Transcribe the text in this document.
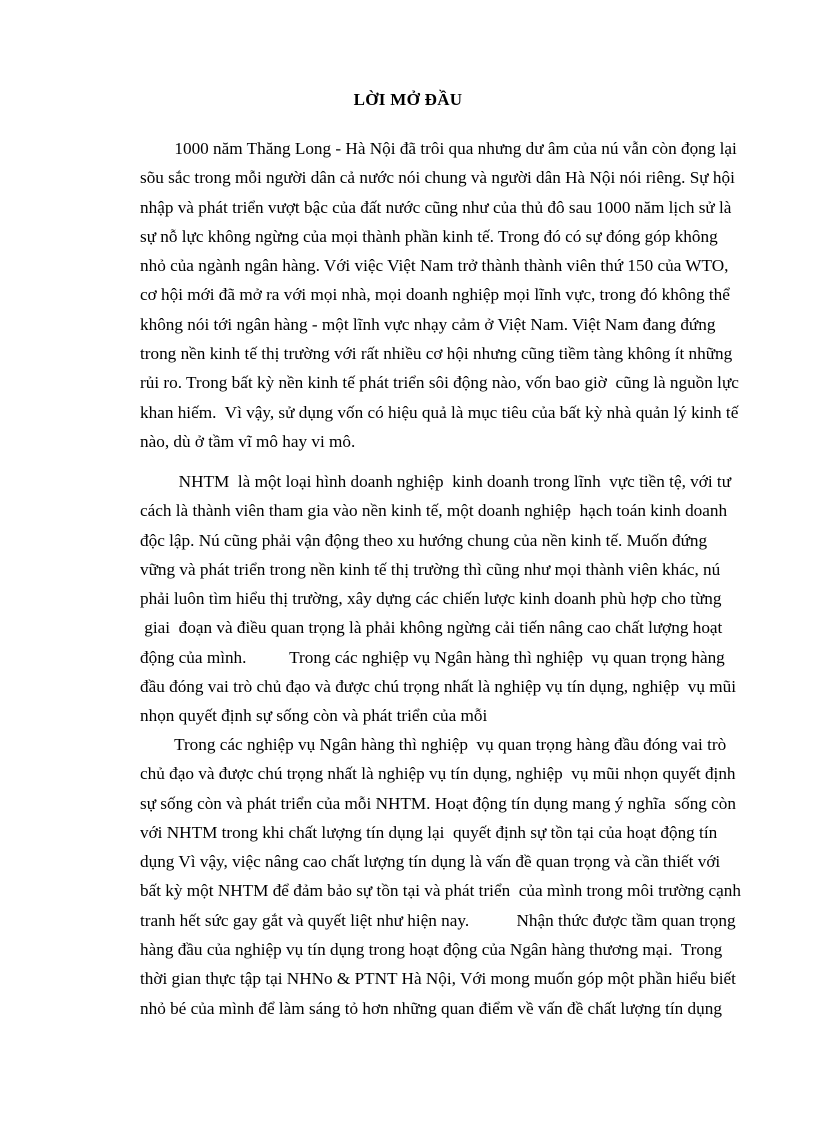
LỜI MỞ ĐẦU
1000 năm Thăng Long - Hà Nội đã trôi qua nhưng dư âm của nú vẫn còn đọng lại
sõu sắc trong mỗi người dân cả nước nói chung và người dân Hà Nội nói riêng. Sự hội
nhập và phát triển vượt bậc của đất nước cũng như của thủ đô sau 1000 năm lịch sử là
sự nỗ lực không ngừng của mọi thành phần kinh tế. Trong đó có sự đóng góp không
nhỏ của ngành ngân hàng. Với việc Việt Nam trở thành thành viên thứ 150 của WTO,
cơ hội mới đã mở ra với mọi nhà, mọi doanh nghiệp mọi lĩnh vực, trong đó không thể
không nói tới ngân hàng - một lĩnh vực nhạy cảm ở Việt Nam. Việt Nam đang đứng
trong nền kinh tế thị trường với rất nhiều cơ hội nhưng cũng tiềm tàng không ít những
rủi ro. Trong bất kỳ nền kinh tế phát triển sôi động nào, vốn bao giờ  cũng là nguồn lực
khan hiếm.  Vì vậy, sử dụng vốn có hiệu quả là mục tiêu của bất kỳ nhà quản lý kinh tế
nào, dù ở tầm vĩ mô hay vi mô.
NHTM  là một loại hình doanh nghiệp  kinh doanh trong lĩnh  vực tiền tệ, với tư
cách là thành viên tham gia vào nền kinh tế, một doanh nghiệp  hạch toán kinh doanh
độc lập. Nú cũng phải vận động theo xu hướng chung của nền kinh tế. Muốn đứng
vững và phát triển trong nền kinh tế thị trường thì cũng như mọi thành viên khác, nú
phải luôn tìm hiểu thị trường, xây dựng các chiến lược kinh doanh phù hợp cho từng
giai  đoạn và điều quan trọng là phải không ngừng cải tiến nâng cao chất lượng hoạt
động của mình.          Trong các nghiệp vụ Ngân hàng thì nghiệp  vụ quan trọng hàng
đầu đóng vai trò chủ đạo và được chú trọng nhất là nghiệp vụ tín dụng, nghiệp  vụ mũi
nhọn quyết định sự sống còn và phát triển của mỗi
Trong các nghiệp vụ Ngân hàng thì nghiệp  vụ quan trọng hàng đầu đóng vai trò
chủ đạo và được chú trọng nhất là nghiệp vụ tín dụng, nghiệp  vụ mũi nhọn quyết định
sự sống còn và phát triển của mỗi NHTM. Hoạt động tín dụng mang ý nghĩa  sống còn
với NHTM trong khi chất lượng tín dụng lại  quyết định sự tồn tại của hoạt động tín
dụng Vì vậy, việc nâng cao chất lượng tín dụng là vấn đề quan trọng và cần thiết với
bất kỳ một NHTM để đảm bảo sự tồn tại và phát triển  của mình trong môi trường cạnh
tranh hết sức gay gắt và quyết liệt như hiện nay.           Nhận thức được tầm quan trọng
hàng đầu của nghiệp vụ tín dụng trong hoạt động của Ngân hàng thương mại.  Trong
thời gian thực tập tại NHNo & PTNT Hà Nội, Với mong muốn góp một phần hiểu biết
nhỏ bé của mình để làm sáng tỏ hơn những quan điểm về vấn đề chất lượng tín dụng
